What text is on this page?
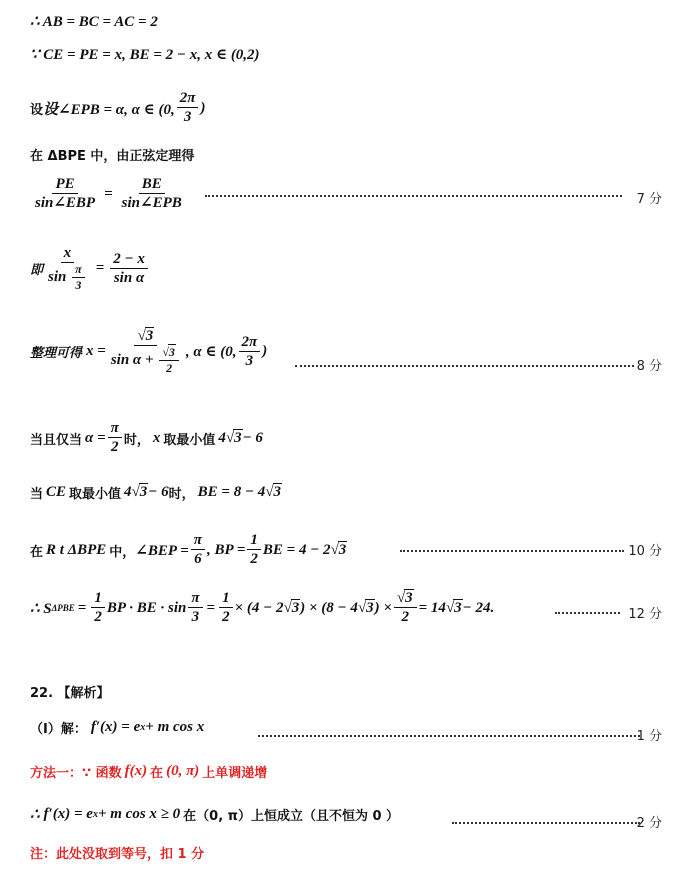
∴ AB = BC = AC = 2
∵ CE = PE = x, BE = 2 − x, x ∈ (0,2)
设 设∠EPB = α, α ∈ (0, $\frac{2\pi}{3}$ )
在 ΔBPE 中，由正弦定理得
$\frac{PE}{\text{sin∠EBP}} = \frac{BE}{\text{sin∠EPB}}$	7 分
即 $\frac{x}{\sin \frac{\pi}{3}} = \frac{2 - x}{\text{sin α}}$
整理可得 $x = \frac{√3}{\sin \alpha + \frac{√3}{2}}$ , α ∈ (0, $\frac{2\pi}{3}$ )
8 分
当且仅当 $\alpha = \frac{\pi}{2}$ 时， x 取最小值 4 √3 − 6
当 CE 取最小值 4 √3 − 6 时， BE = 8 − 4 √3
在 R t ΔBPE 中， ∠BEP = $\frac{\pi}{6}$ , BP = $\frac{1}{2}$ BE = 4 − 2 √3	10 分
∴ S $\Delta PBE = \frac{1}{2}$ BP · BE · $\sin \frac{\pi}{3} = \frac{1}{2} \times (4 - 2$ √3 ) × (8 − 4 √3 ) × $\frac{√3}{2} = 14$ √3 − 24.	12 分
22. 【解析】
（Ⅰ）解： f′(x) = e x + m cos x
1 分
方法一：∵ 函数 f(x) 在 (0, π) 上单调递增
∴ f′(x) = e x + m cos x ≥ 0 在（0, π）上恒成立（且不恒为 0 ）	2 分
注：此处没取到等号，扣 1 分
